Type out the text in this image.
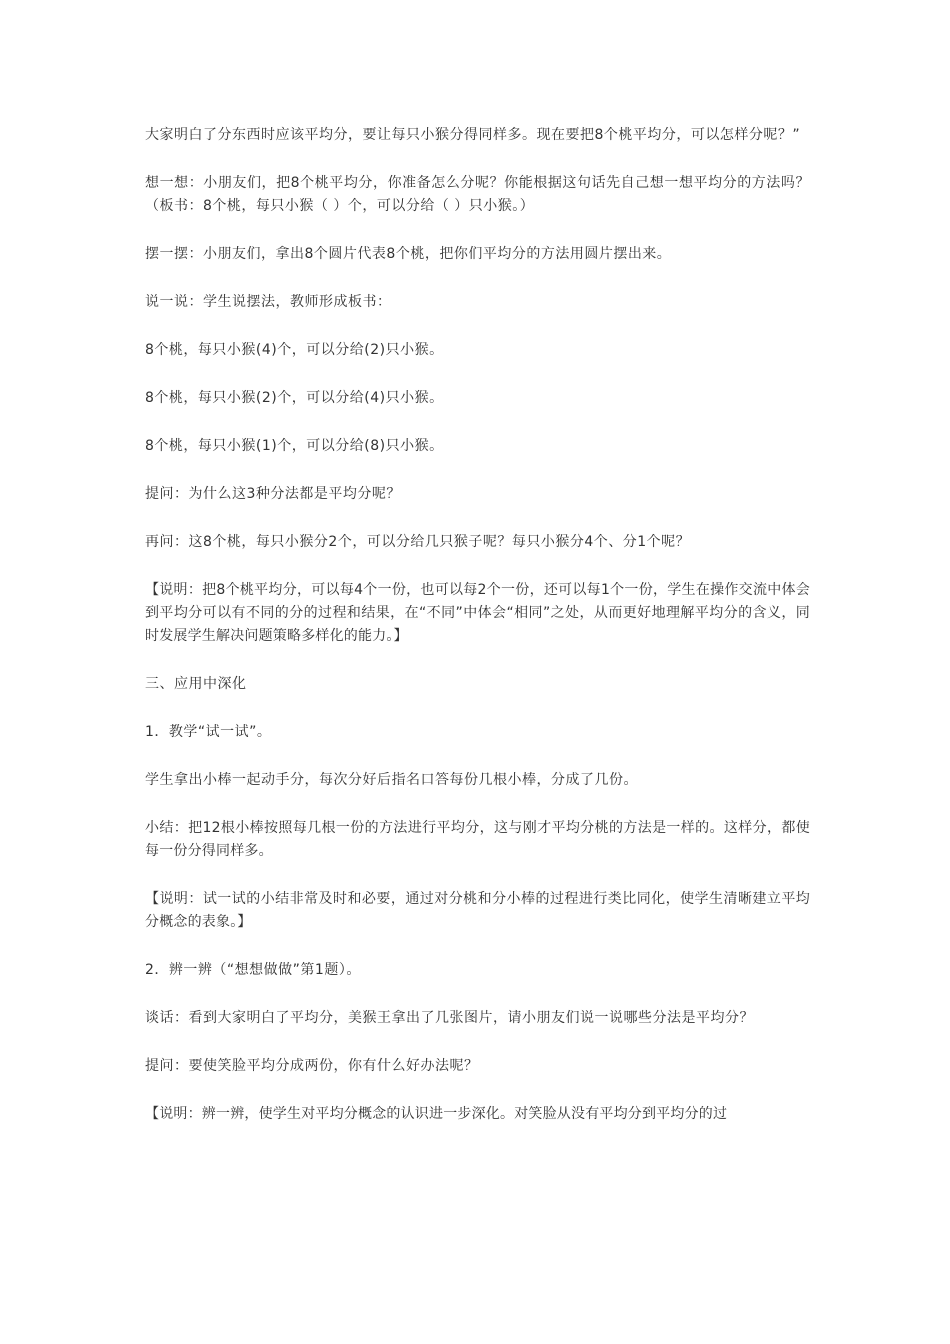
大家明白了分东西时应该平均分，要让每只小猴分得同样多。现在要把8个桃平均分，可以怎样分呢？”

想一想：小朋友们，把8个桃平均分，你准备怎么分呢？你能根据这句话先自己想一想平均分的方法吗？（板书：8个桃，每只小猴（ ）个，可以分给（ ）只小猴。）

摆一摆：小朋友们，拿出8个圆片代表8个桃，把你们平均分的方法用圆片摆出来。

说一说：学生说摆法，教师形成板书：

8个桃，每只小猴(4)个，可以分给(2)只小猴。

8个桃，每只小猴(2)个，可以分给(4)只小猴。

8个桃，每只小猴(1)个，可以分给(8)只小猴。

提问：为什么这3种分法都是平均分呢？

再问：这8个桃，每只小猴分2个，可以分给几只猴子呢？每只小猴分4个、分1个呢？

【说明：把8个桃平均分，可以每4个一份，也可以每2个一份，还可以每1个一份，学生在操作交流中体会到平均分可以有不同的分的过程和结果，在“不同”中体会“相同”之处，从而更好地理解平均分的含义，同时发展学生解决问题策略多样化的能力。】

三、应用中深化

1．教学“试一试”。

学生拿出小棒一起动手分，每次分好后指名口答每份几根小棒，分成了几份。

小结：把12根小棒按照每几根一份的方法进行平均分，这与刚才平均分桃的方法是一样的。这样分，都使每一份分得同样多。

【说明：试一试的小结非常及时和必要，通过对分桃和分小棒的过程进行类比同化，使学生清晰建立平均分概念的表象。】

2．辨一辨（“想想做做”第1题）。

谈话：看到大家明白了平均分，美猴王拿出了几张图片，请小朋友们说一说哪些分法是平均分？

提问：要使笑脸平均分成两份，你有什么好办法呢？

【说明：辨一辨，使学生对平均分概念的认识进一步深化。对笑脸从没有平均分到平均分的过
